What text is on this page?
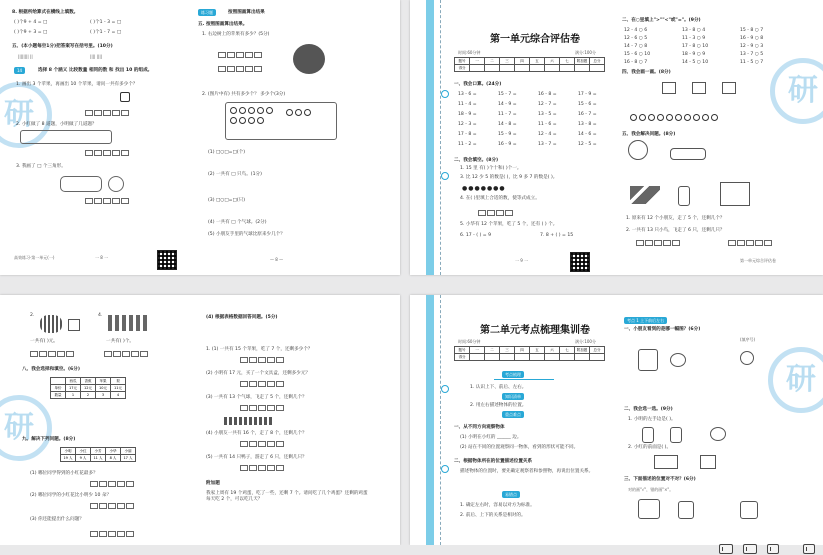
研
8. 根据所给算式在横线上填数。
( )个9 + 4 = □	( )个1 - 3 = □
( )个9 + 3 = □	( )个1 - 7 = □
五、(本小题每空1分)把答案写在括号里。(10分)
|||||||| ||	|||| ||||
14	选择 8 个涵义 比较数量 相同的数 和 找出 10 的组成。
1. 画出 3 个苹果，再画出 10 个苹果，请问一共有多少个？
2. 小红做了 8 道题，小明做了几道题？
3. 我画了 □ 个三角形。
高效练习·第一单元(一)	一 8 一
练习题	按照图画算出结果
五. 按照图画算出结果。
1. 右边树上的苹果有多少？(5分)
2. (图片中有) 共有多少个？ 多少个(3分)
(1) □○□=□(个)
(2) 一共有 □ 只鸟。(1分)
(3) □○□=□(只)
(4) 一共有 □ 个气球。(2分)
(5) 小朋友手里的气球比原来少几个？
— 8 —
第一单元综合评估卷
时间:60分钟	满分:100分
题号	一	二	三	四	五	六	七	附加题	总分
得分									
一、我会口算。(24分)
二、我会填空。(8分)
1. 15 里 有( )个十和( )个一。
3. 比 12 少 5 的数是( )，比 9 多 7 的数是( )。
●●●●●●●
4. 在( )里填上合适的数，使等式成立。
5. 小华有 12 个苹果，吃了 5 个，还有 ( ) 个。
6. 17 - ( ) = 9	7. 8 + ( ) = 15
一 9 一
二、在○里填上">""<"或"="。(9分)
四、我会画一画。(8分)
五、我会解决问题。(8分)
1. 原来有 12 个小朋友，走了 5 个，还剩几个？
2. 一共有 13 只小鸟，飞走了 6 只，还剩几只？
第一单元综合评估卷
研
13 - 6 =	15 - 7 =	16 - 8 =	17 - 9 =
11 - 4 =	14 - 9 =	12 - 7 =	15 - 6 =
18 - 9 =	11 - 7 =	13 - 5 =	16 - 7 =
12 - 3 =	14 - 8 =	11 - 6 =	13 - 8 =
17 - 8 =	15 - 9 =	12 - 4 =	14 - 6 =
11 - 2 =	16 - 9 =	13 - 7 =	12 - 5 =
12 - 4 ○ 6	13 - 8 ○ 4	15 - 8 ○ 7
12 - 6 ○ 5	11 - 3 ○ 9	16 - 9 ○ 8
14 - 7 ○ 8	17 - 8 ○ 10	12 - 9 ○ 3
15 - 6 ○ 10	18 - 9 ○ 9	13 - 7 ○ 5
16 - 8 ○ 7	14 - 5 ○ 10	11 - 5 ○ 7
研
2.	4.
一共有( )元。	一共有( )个。
八、我会选择和填空。(6分)
	西瓜	香蕉	苹果	梨
单价	17元	12元	10元	11元
数量	1	2	3	4
九、解决下列问题。(8分)
小明	小红	小芳	小华	小丽
19 人	9 人	11 人	8 人	17 人
(1) 哪位同学得到的小红花最多？
(2) 哪位同学的小红花比小明少 10 朵？
(3) 你还能提出什么问题？
(4) 根据表格数据回答问题。(5分)
1. (1) 一共有 15 个苹果，吃了 7 个，还剩多少个？
(2) 小明有 17 元，买了一个文具盒，还剩多少元？
(3) 一共有 13 个气球，飞走了 5 个，还剩几个？
(4) 小朋友一共有 16 个，走了 8 个，还剩几个？
(5) 一共有 14 只鸭子，游走了 6 只，还剩几只？
附加题
我家上周有 19 个鸡蛋，吃了一些，还剩 7 个。请问吃了几个鸡蛋？还剩的鸡蛋每天吃 2 个，可以吃几天？
第二单元考点梳理集训卷
时间:60分钟	满分:100分
题号	一	二	三	四	五	六	七	附加题	总分
得分									
考点梳理
1. 认识上下、前后、左右。
知识清单
2. 用左右描述物体的位置。
重点难点
一、从不同方向观察物体
(1) 小明在小红的 ______ 边。
(2) 站在不同的位置观察同一物体，看到的形状可能不同。
二、根据物体所在的位置描述位置关系
描述物体的位置时，要先确定观察者和参照物，再说出位置关系。
易错点
1. 确定左右时，容易以对方为标准。
2. 前后、上下的关系是相对的。
考点 1 上下前后左右
一、小朋友看到的是哪一幅图？(6分)
(填序号)
二、我会选一选。(9分)
1. 小明的左手边是( )。
2. 小红的前面是( )。
三、下面描述的位置对不对？(6分)
对的画"√"，错的画"×"。
研
